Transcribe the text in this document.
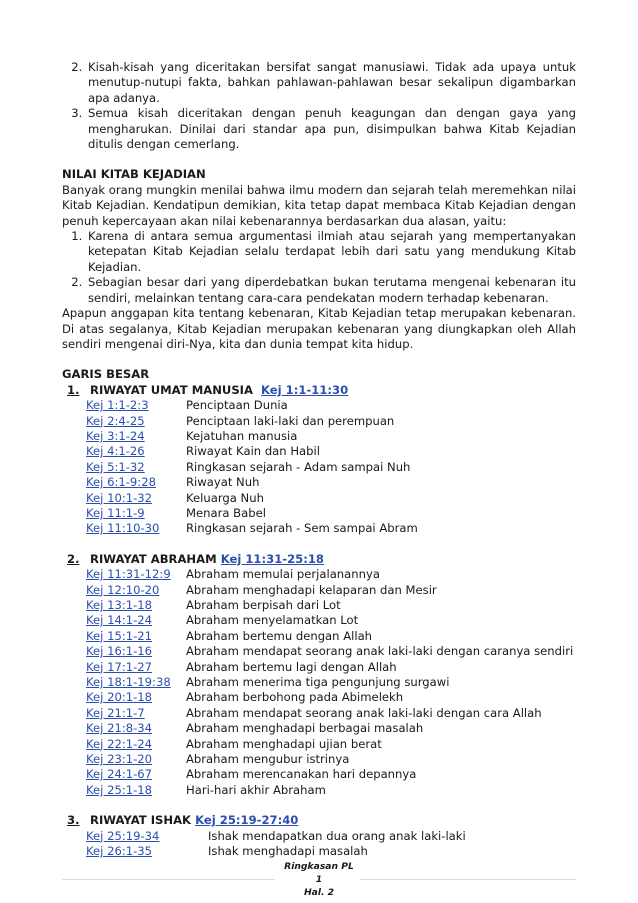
2. Kisah-kisah yang diceritakan bersifat sangat manusiawi. Tidak ada upaya untuk menutup-nutupi fakta, bahkan pahlawan-pahlawan besar sekalipun digambarkan apa adanya.
3. Semua kisah diceritakan dengan penuh keagungan dan dengan gaya yang mengharukan. Dinilai dari standar apa pun, disimpulkan bahwa Kitab Kejadian ditulis dengan cemerlang.

NILAI KITAB KEJADIAN

Banyak orang mungkin menilai bahwa ilmu modern dan sejarah telah meremehkan nilai Kitab Kejadian. Kendatipun demikian, kita tetap dapat membaca Kitab Kejadian dengan penuh kepercayaan akan nilai kebenarannya berdasarkan dua alasan, yaitu:

1. Karena di antara semua argumentasi ilmiah atau sejarah yang mempertanyakan ketepatan Kitab Kejadian selalu terdapat lebih dari satu yang mendukung Kitab Kejadian.
2. Sebagian besar dari yang diperdebatkan bukan terutama mengenai kebenaran itu sendiri, melainkan tentang cara-cara pendekatan modern terhadap kebenaran.

Apapun anggapan kita tentang kebenaran, Kitab Kejadian tetap merupakan kebenaran. Di atas segalanya, Kitab Kejadian merupakan kebenaran yang diungkapkan oleh Allah sendiri mengenai diri-Nya, kita dan dunia tempat kita hidup.

GARIS BESAR

1. RIWAYAT UMAT MANUSIA Kej 1:1-11:30

Kej 1:1-2:3	Penciptaan Dunia
Kej 2:4-25	Penciptaan laki-laki dan perempuan
Kej 3:1-24	Kejatuhan manusia
Kej 4:1-26	Riwayat Kain dan Habil
Kej 5:1-32	Ringkasan sejarah - Adam sampai Nuh
Kej 6:1-9:28	Riwayat Nuh
Kej 10:1-32	Keluarga Nuh
Kej 11:1-9	Menara Babel
Kej 11:10-30	Ringkasan sejarah - Sem sampai Abram

2. RIWAYAT ABRAHAM Kej 11:31-25:18

Kej 11:31-12:9	Abraham memulai perjalanannya
Kej 12:10-20	Abraham menghadapi kelaparan dan Mesir
Kej 13:1-18	Abraham berpisah dari Lot
Kej 14:1-24	Abraham menyelamatkan Lot
Kej 15:1-21	Abraham bertemu dengan Allah
Kej 16:1-16	Abraham mendapat seorang anak laki-laki dengan caranya sendiri
Kej 17:1-27	Abraham bertemu lagi dengan Allah
Kej 18:1-19:38	Abraham menerima tiga pengunjung surgawi
Kej 20:1-18	Abraham berbohong pada Abimelekh
Kej 21:1-7	Abraham mendapat seorang anak laki-laki dengan cara Allah
Kej 21:8-34	Abraham menghadapi berbagai masalah
Kej 22:1-24	Abraham menghadapi ujian berat
Kej 23:1-20	Abraham mengubur istrinya
Kej 24:1-67	Abraham merencanakan hari depannya
Kej 25:1-18	Hari-hari akhir Abraham

3. RIWAYAT ISHAK Kej 25:19-27:40

Kej 25:19-34	Ishak mendapatkan dua orang anak laki-laki
Kej 26:1-35	Ishak menghadapi masalah
Ringkasan PL
1
Hal. 2
